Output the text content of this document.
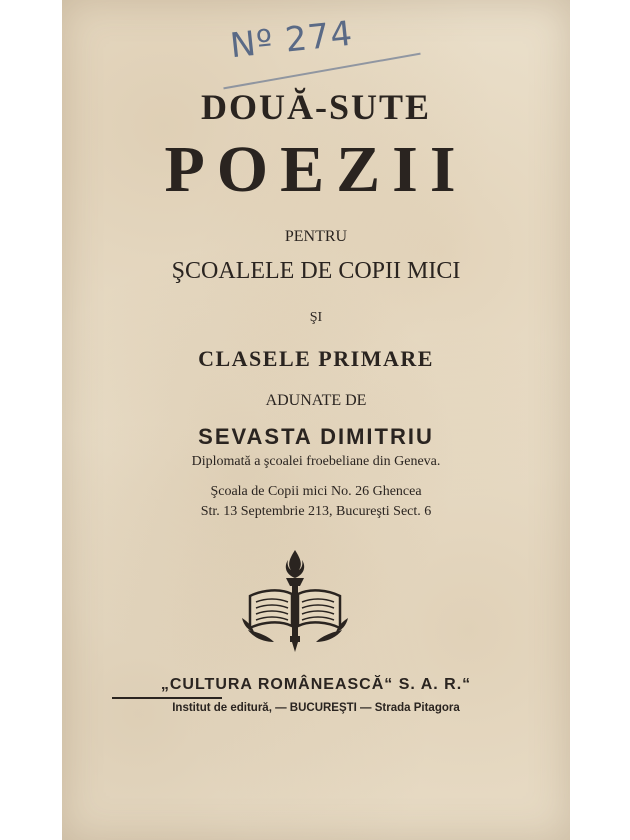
Nº 274
DOUĂ-SUTE
POEZII
PENTRU
ŞCOALELE DE COPII MICI
ŞI
CLASELE PRIMARE
ADUNATE DE
SEVASTA DIMITRIU
Diplomată a şcoalei froebeliane din Geneva.
Şcoala de Copii mici No. 26 Ghencea
Str. 13 Septembrie 213, Bucureşti Sect. 6
„CULTURA ROMÂNEASCĂ“ S. A. R.“
Institut de editură, — BUCUREŞTI — Strada Pitagora
